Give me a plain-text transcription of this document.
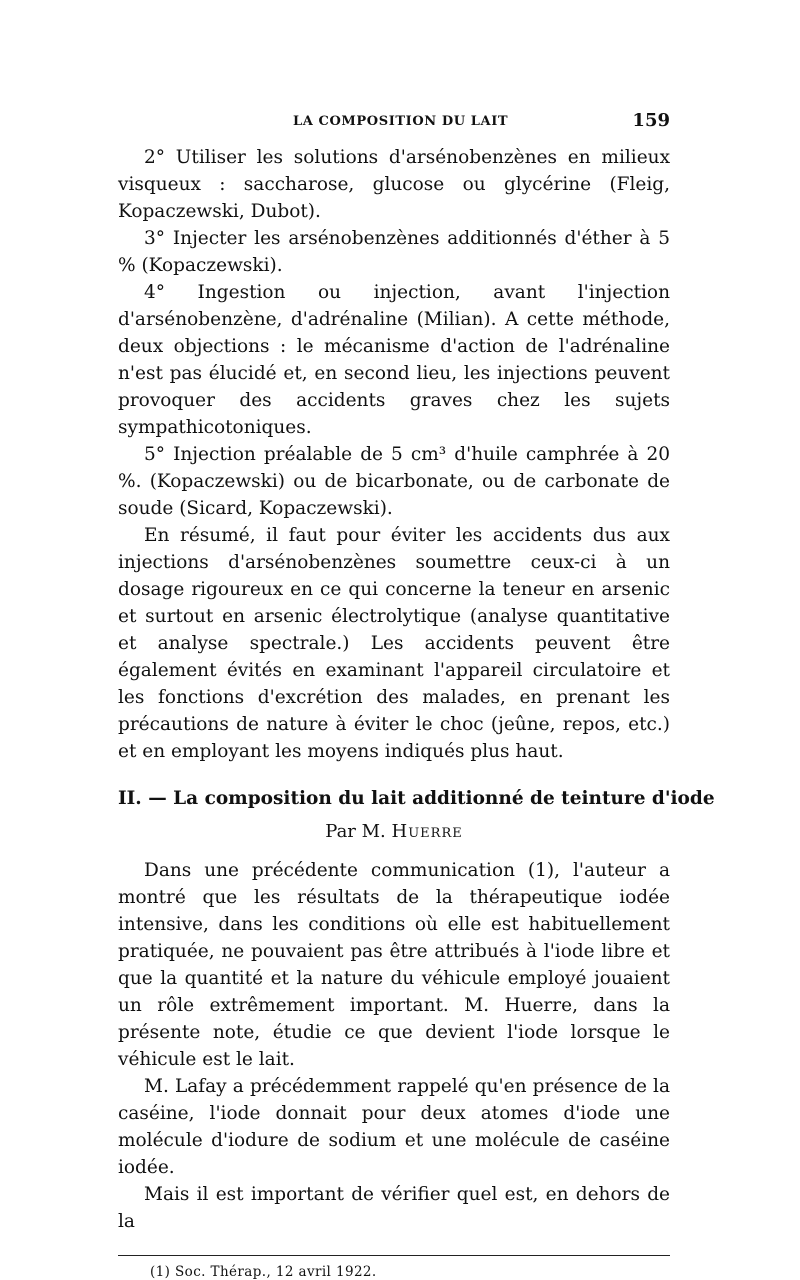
LA COMPOSITION DU LAIT	159

2° Utiliser les solutions d'arsénobenzènes en milieux visqueux : saccharose, glucose ou glycérine (Fleig, Kopaczewski, Dubot).

3° Injecter les arsénobenzènes additionnés d'éther à 5 % (Kopaczewski).

4° Ingestion ou injection, avant l'injection d'arsénobenzène, d'adrénaline (Milian). A cette méthode, deux objections : le mécanisme d'action de l'adrénaline n'est pas élucidé et, en second lieu, les injections peuvent provoquer des accidents graves chez les sujets sympathicotoniques.

5° Injection préalable de 5 cm³ d'huile camphrée à 20 %. (Kopaczewski) ou de bicarbonate, ou de carbonate de soude (Sicard, Kopaczewski).

En résumé, il faut pour éviter les accidents dus aux injections d'arsénobenzènes soumettre ceux-ci à un dosage rigoureux en ce qui concerne la teneur en arsenic et surtout en arsenic électrolytique (analyse quantitative et analyse spectrale.) Les accidents peuvent être également évités en examinant l'appareil circulatoire et les fonctions d'excrétion des malades, en prenant les précautions de nature à éviter le choc (jeûne, repos, etc.) et en employant les moyens indiqués plus haut.

II. — La composition du lait additionné de teinture d'iode
Par M. Huerre

Dans une précédente communication (1), l'auteur a montré que les résultats de la thérapeutique iodée intensive, dans les conditions où elle est habituellement pratiquée, ne pouvaient pas être attribués à l'iode libre et que la quantité et la nature du véhicule employé jouaient un rôle extrêmement important. M. Huerre, dans la présente note, étudie ce que devient l'iode lorsque le véhicule est le lait.

M. Lafay a précédemment rappelé qu'en présence de la caséine, l'iode donnait pour deux atomes d'iode une molécule d'iodure de sodium et une molécule de caséine iodée.

Mais il est important de vérifier quel est, en dehors de la

(1) Soc. Thérap., 12 avril 1922.
